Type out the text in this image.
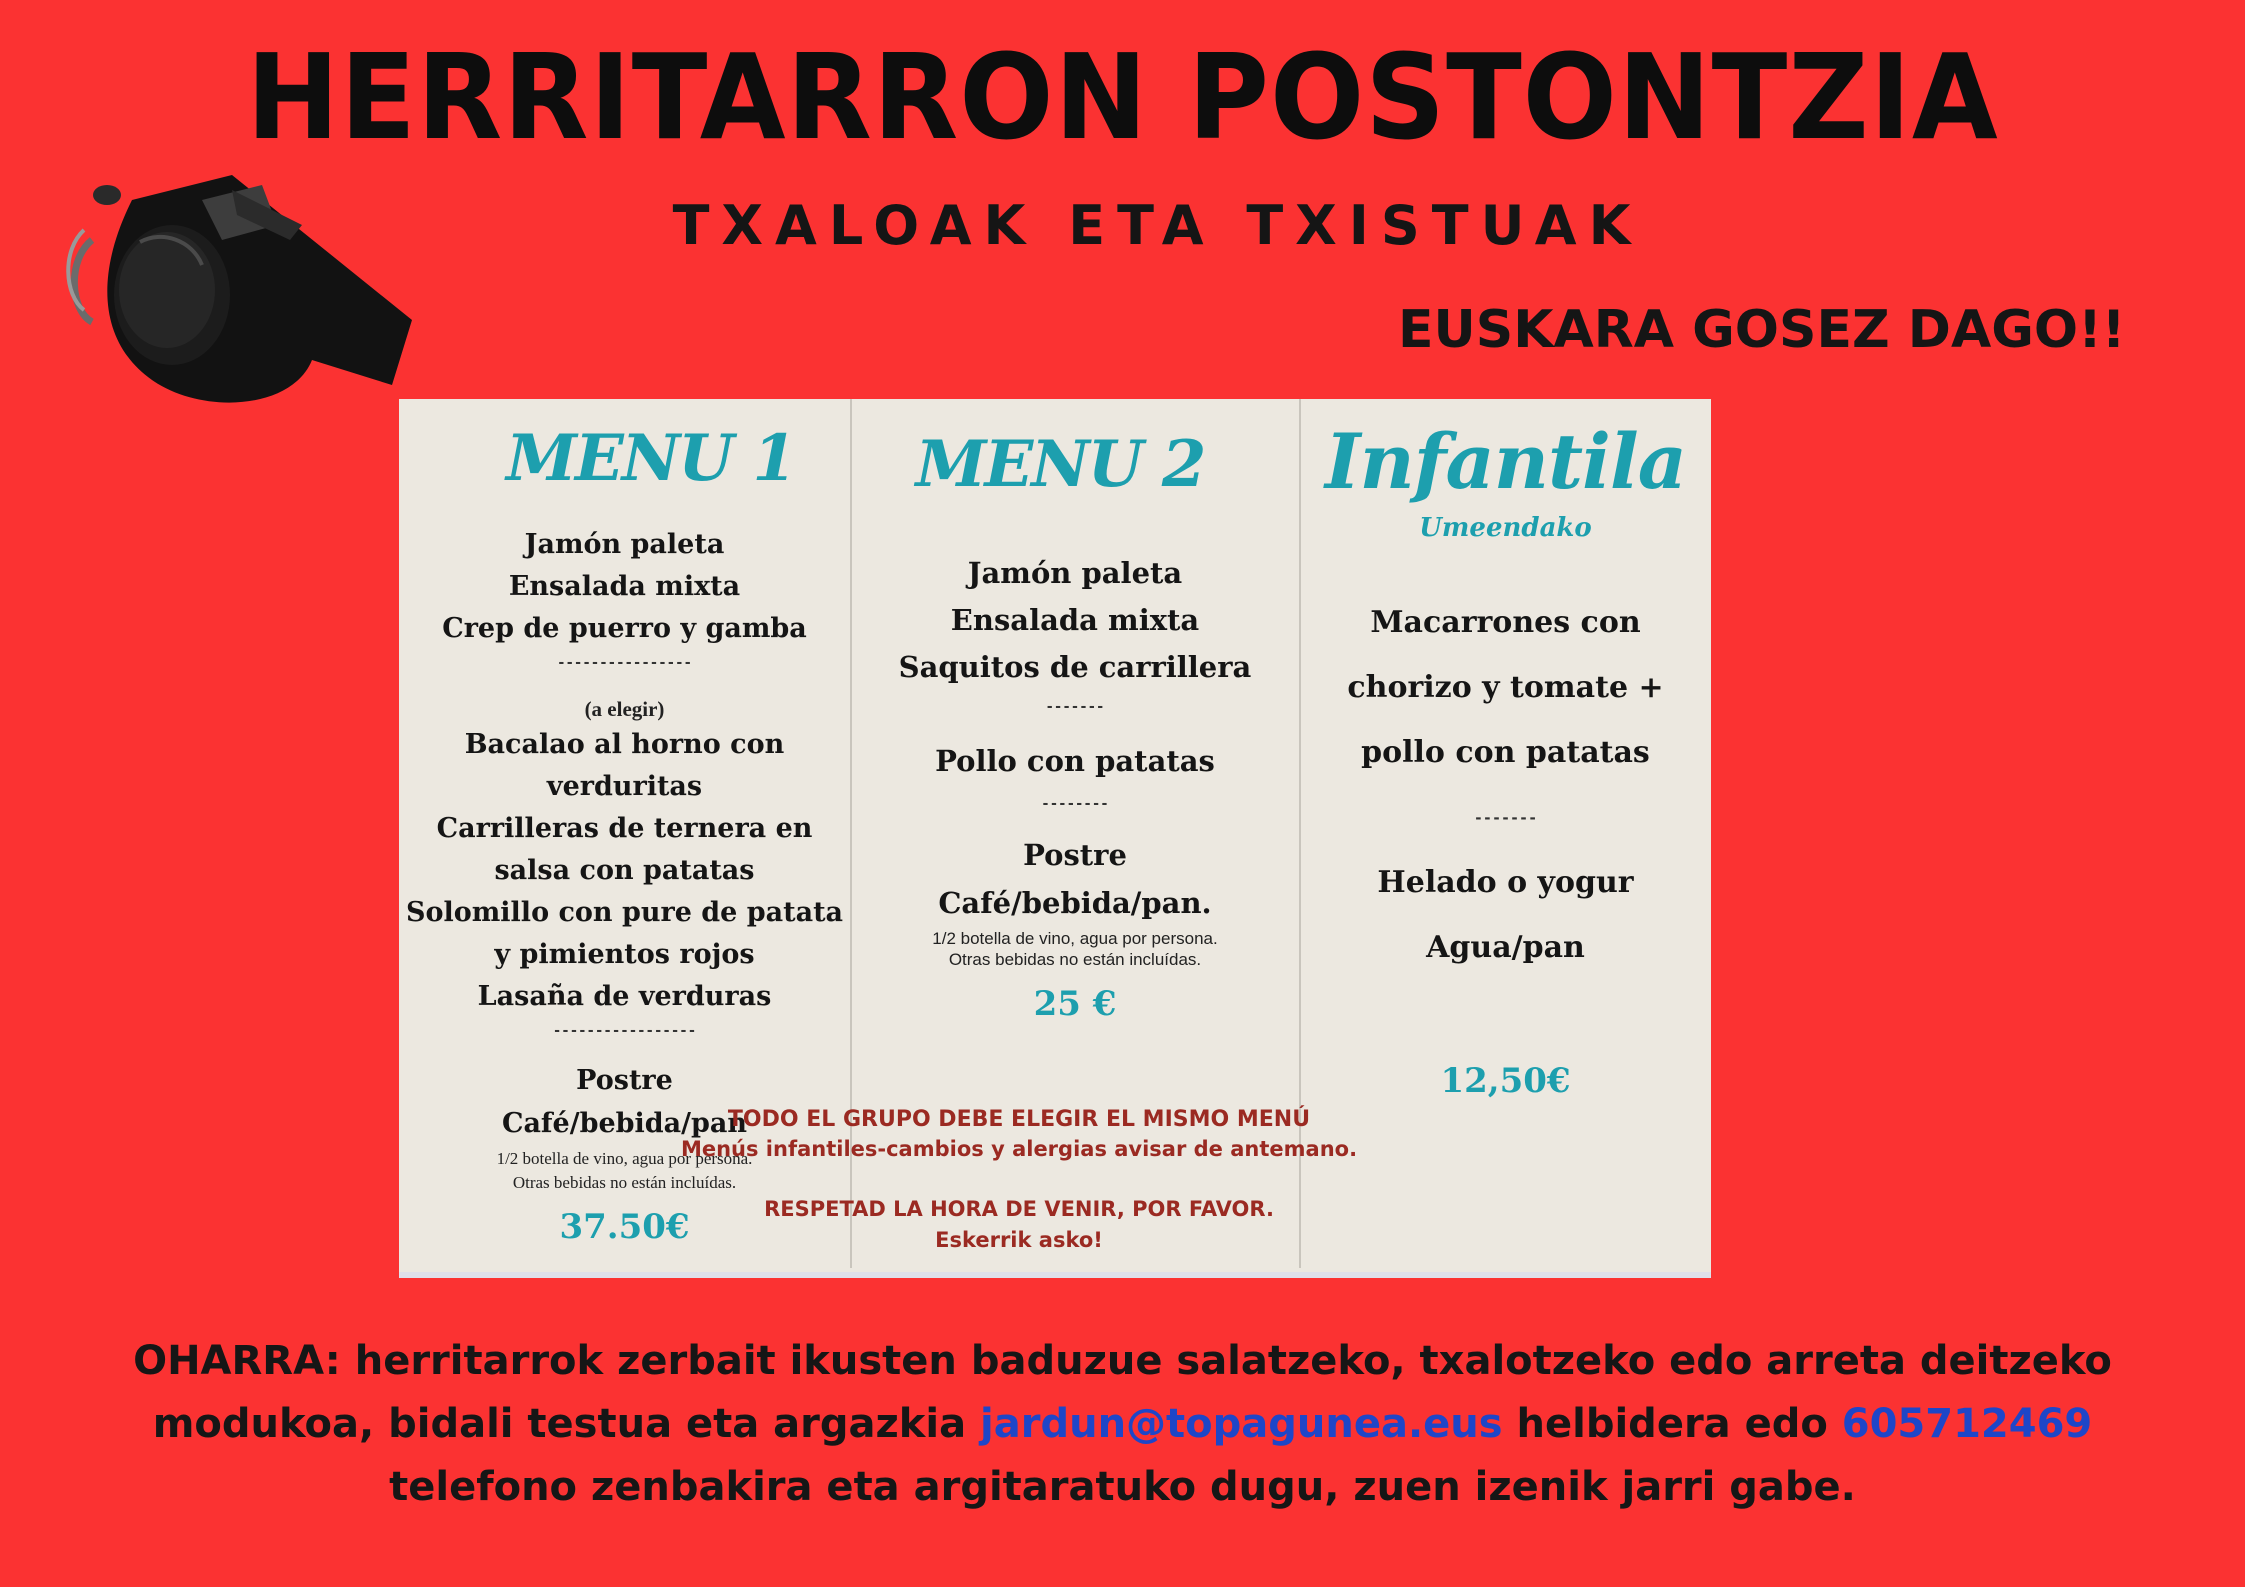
HERRITARRON POSTONTZIA
TXALOAK ETA TXISTUAK
EUSKARA GOSEZ DAGO!!
MENU 1
Jamón paleta
Ensalada mixta
Crep de puerro y gamba
----------------
(a elegir)
Bacalao al horno con
verduritas
Carrilleras de ternera en
salsa con patatas
Solomillo con pure de patata
y pimientos rojos
Lasaña de verduras
-----------------
Postre
Café/bebida/pan
1/2 botella de vino, agua por persona.
Otras bebidas no están incluídas.
37.50€
MENU 2
Jamón paleta
Ensalada mixta
Saquitos de carrillera
-------
Pollo con patatas
--------
Postre
Café/bebida/pan.
1/2 botella de vino, agua por persona.
Otras bebidas no están incluídas.
25 €
Infantila
Umeendako
Macarrones con
chorizo y tomate +
pollo con patatas
-------
Helado o yogur
Agua/pan
12,50€
TODO EL GRUPO DEBE ELEGIR EL MISMO MENÚ
Menús infantiles-cambios y alergias avisar de antemano.
RESPETAD LA HORA DE VENIR, POR FAVOR.
Eskerrik asko!
OHARRA: herritarrok zerbait ikusten baduzue salatzeko, txalotzeko edo arreta deitzeko modukoa, bidali testua eta argazkia jardun@topagunea.eus helbidera edo 605712469 telefono zenbakira eta argitaratuko dugu, zuen izenik jarri gabe.
